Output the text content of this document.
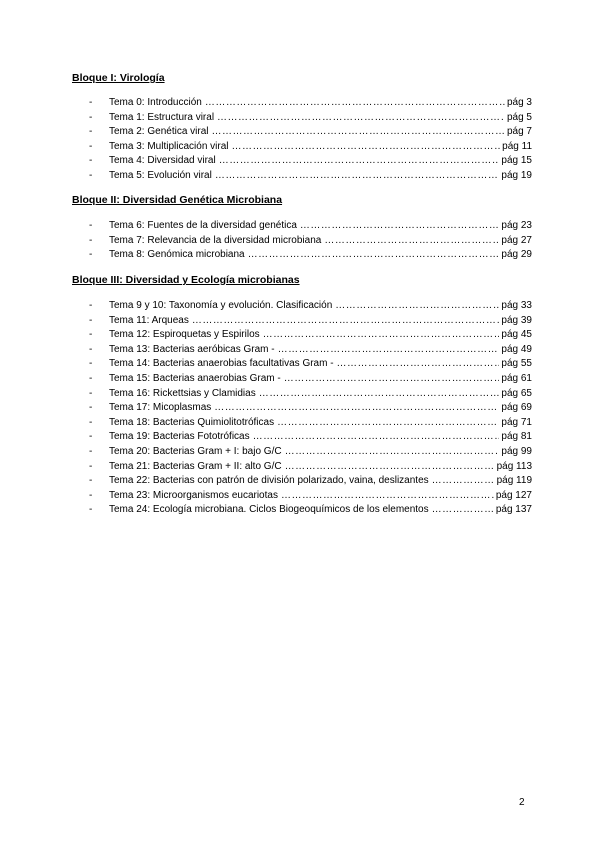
Bloque I: Virología
- Tema 0: Introducción ………………………………………………………………………………………………………………………………………	pág 3
- Tema 1: Estructura viral ………………………………………………………………………………………………………………………………………	pág 5
- Tema 2: Genética viral ………………………………………………………………………………………………………………………………………	pág 7
- Tema 3: Multiplicación viral ………………………………………………………………………………………………………………………………………	pág 11
- Tema 4: Diversidad viral ………………………………………………………………………………………………………………………………………	pág 15
- Tema 5: Evolución viral ………………………………………………………………………………………………………………………………………	pág 19
Bloque II: Diversidad Genética Microbiana
- Tema 6: Fuentes de la diversidad genética ………………………………………………………………………………………………………………………………………	pág 23
- Tema 7: Relevancia de la diversidad microbiana ………………………………………………………………………………………………………………………………………	pág 27
- Tema 8: Genómica microbiana ………………………………………………………………………………………………………………………………………	pág 29
Bloque III: Diversidad y Ecología microbianas
- Tema 9 y 10: Taxonomía y evolución. Clasificación ………………………………………………………………………………………………………………………………………	pág 33
- Tema 11: Arqueas ………………………………………………………………………………………………………………………………………	pág 39
- Tema 12: Espiroquetas y Espirilos ………………………………………………………………………………………………………………………………………	pág 45
- Tema 13: Bacterias aeróbicas Gram - ………………………………………………………………………………………………………………………………………	pág 49
- Tema 14: Bacterias anaerobias facultativas Gram - ………………………………………………………………………………………………………………………………………	pág 55
- Tema 15: Bacterias anaerobias Gram - ………………………………………………………………………………………………………………………………………	pág 61
- Tema 16: Rickettsias y Clamidias ………………………………………………………………………………………………………………………………………	pág 65
- Tema 17: Micoplasmas ………………………………………………………………………………………………………………………………………	pág 69
- Tema 18: Bacterias Quimiolitotróficas ………………………………………………………………………………………………………………………………………	pág 71
- Tema 19: Bacterias Fototróficas ………………………………………………………………………………………………………………………………………	pág 81
- Tema 20: Bacterias Gram + I: bajo G/C ………………………………………………………………………………………………………………………………………	pág 99
- Tema 21: Bacterias Gram + II: alto G/C ………………………………………………………………………………………………………………………………………	pág 113
- Tema 22: Bacterias con patrón de división polarizado, vaina, deslizantes ………………………………………………………………………………………………………………………………………	pág 119
- Tema 23: Microorganismos eucariotas ………………………………………………………………………………………………………………………………………	pág 127
- Tema 24: Ecología microbiana. Ciclos Biogeoquímicos de los elementos ………………………………………………………………………………………………………………………………………	pág 137
2
